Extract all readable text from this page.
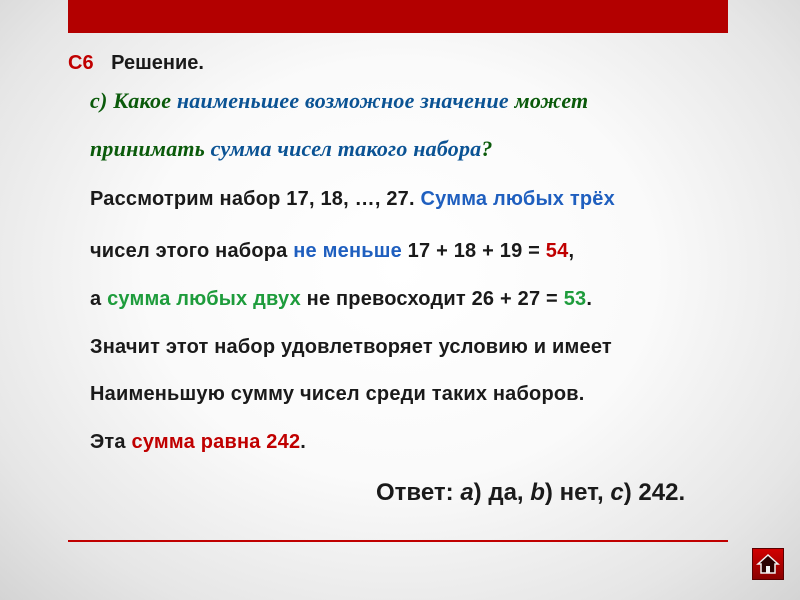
С6 Решение.
с) Какое наименьшее возможное значение может
принимать сумма чисел такого набора?
Рассмотрим набор 17, 18, …, 27. Сумма любых трёх
чисел этого набора не меньше 17 + 18 + 19 = 54,
а сумма любых двух не превосходит 26 + 27 = 53.
Значит этот набор удовлетворяет условию и имеет
Наименьшую сумму чисел среди таких наборов.
Эта сумма равна 242.
Ответ: a) да, b) нет, c) 242.
